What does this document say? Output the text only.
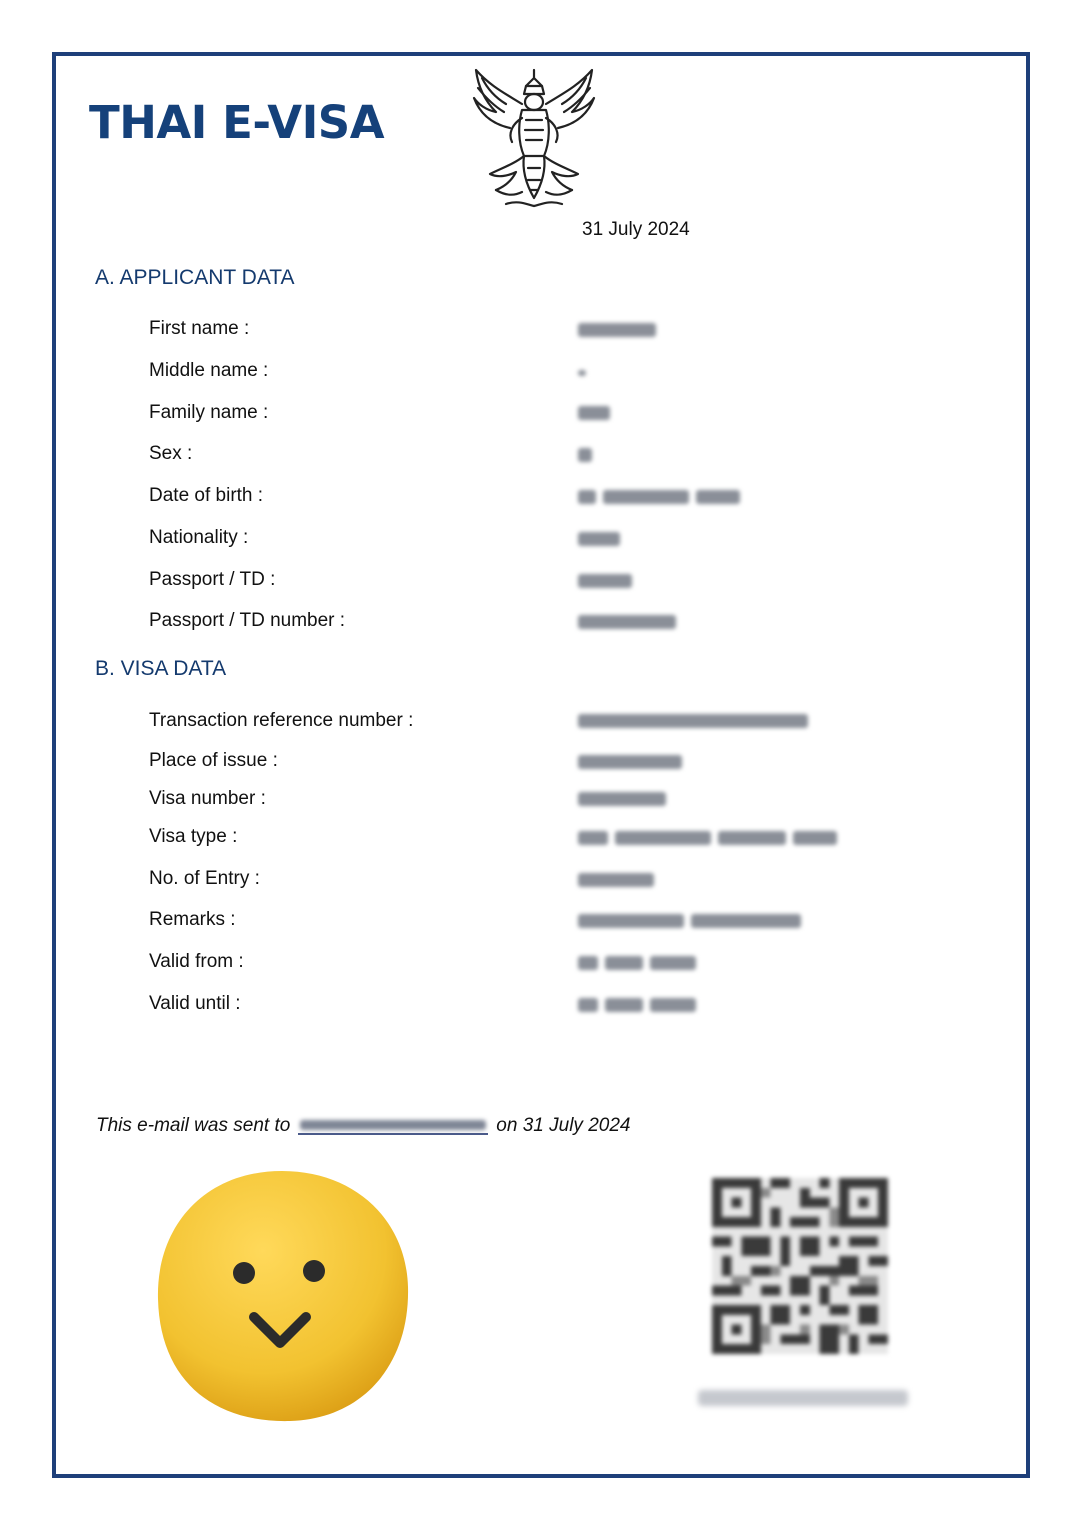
THAI E-VISA
31 July 2024
A. APPLICANT DATA
First name :
Middle name :
Family name :
Sex :
Date of birth :
Nationality :
Passport / TD :
Passport / TD number :
B. VISA DATA
Transaction reference number :
Place of issue :
Visa number :
Visa type :
No. of Entry :
Remarks :
Valid from :
Valid until :
This e-mail was sent to	on 31 July 2024
